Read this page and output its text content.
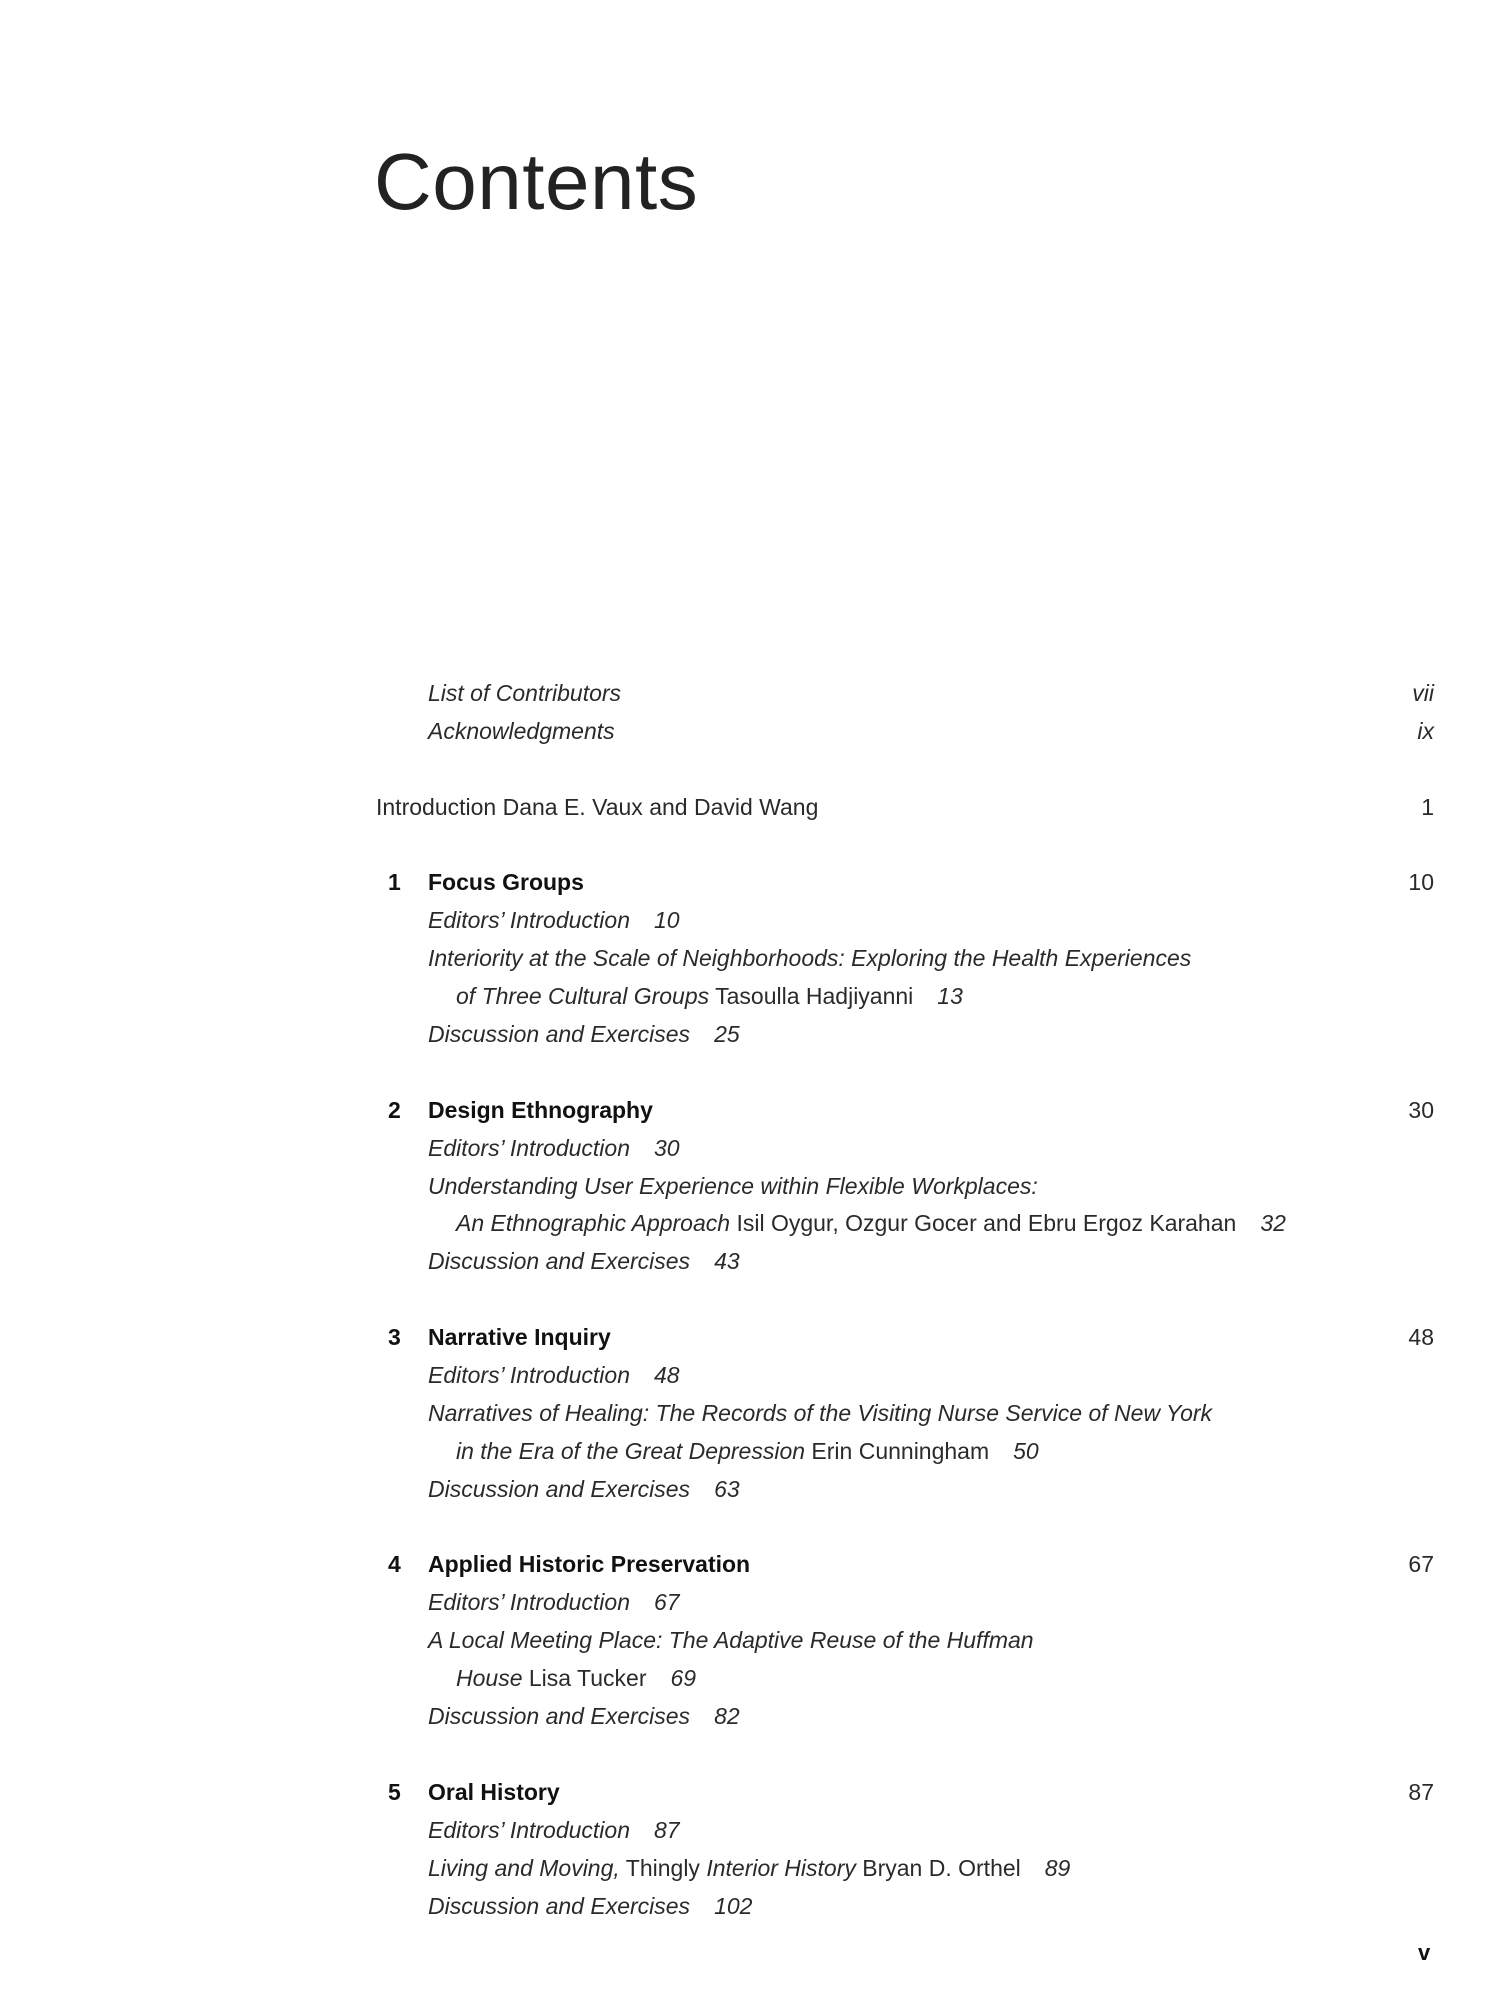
Contents
List of Contributors	vii
Acknowledgments	ix
Introduction Dana E. Vaux and David Wang	1
1 Focus Groups	10
Editors’ Introduction 10
Interiority at the Scale of Neighborhoods: Exploring the Health Experiences
of Three Cultural Groups Tasoulla Hadjiyanni 13
Discussion and Exercises 25
2 Design Ethnography	30
Editors’ Introduction 30
Understanding User Experience within Flexible Workplaces:
An Ethnographic Approach Isil Oygur, Ozgur Gocer and Ebru Ergoz Karahan 32
Discussion and Exercises 43
3 Narrative Inquiry	48
Editors’ Introduction 48
Narratives of Healing: The Records of the Visiting Nurse Service of New York
in the Era of the Great Depression Erin Cunningham 50
Discussion and Exercises 63
4 Applied Historic Preservation	67
Editors’ Introduction 67
A Local Meeting Place: The Adaptive Reuse of the Huffman
House Lisa Tucker 69
Discussion and Exercises 82
5 Oral History	87
Editors’ Introduction 87
Living and Moving, Thingly Interior History Bryan D. Orthel 89
Discussion and Exercises 102
v
